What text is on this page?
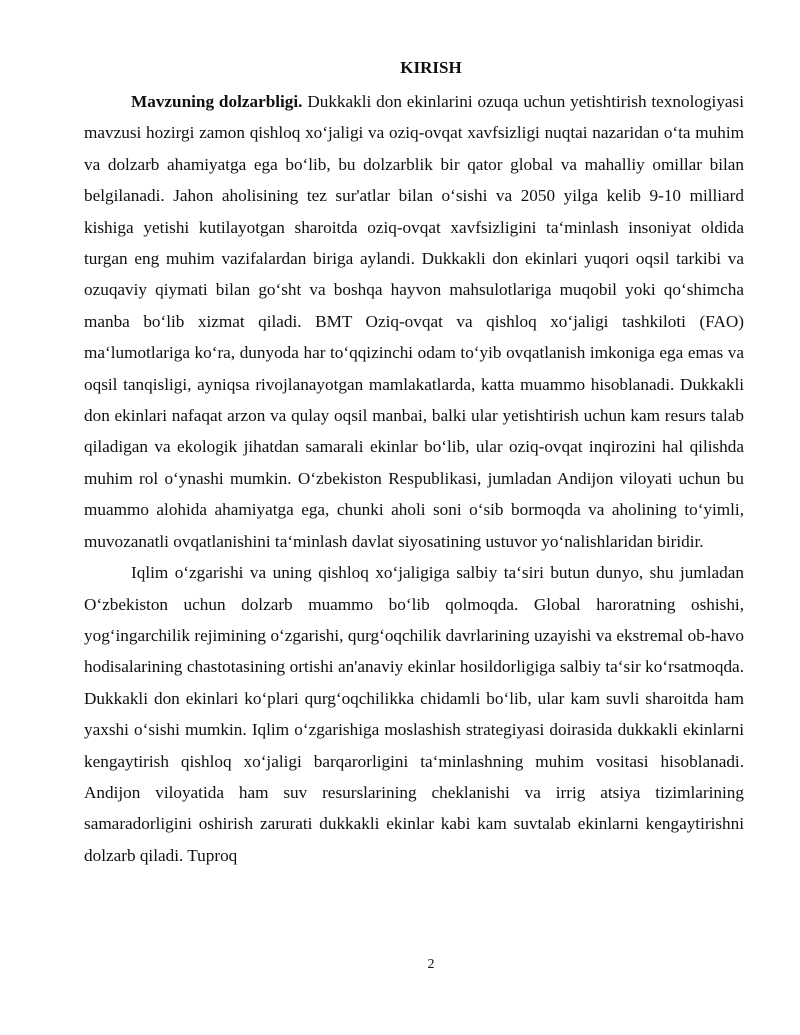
KIRISH

Mavzuning dolzarbligi. Dukkakli don ekinlarini ozuqa uchun yetishtirish texnologiyasi mavzusi hozirgi zamon qishloq xo‘jaligi va oziq-ovqat xavfsizligi nuqtai nazaridan o‘ta muhim va dolzarb ahamiyatga ega bo‘lib, bu dolzarblik bir qator global va mahalliy omillar bilan belgilanadi. Jahon aholisining tez sur'atlar bilan o‘sishi va 2050 yilga kelib 9-10 milliard kishiga yetishi kutilayotgan sharoitda oziq-ovqat xavfsizligini ta‘minlash insoniyat oldida turgan eng muhim vazifalardan biriga aylandi. Dukkakli don ekinlari yuqori oqsil tarkibi va ozuqaviy qiymati bilan go‘sht va boshqa hayvon mahsulotlariga muqobil yoki qo‘shimcha manba bo‘lib xizmat qiladi. BMT Oziq-ovqat va qishloq xo‘jaligi tashkiloti (FAO) ma‘lumotlariga ko‘ra, dunyoda har to‘qqizinchi odam to‘yib ovqatlanish imkoniga ega emas va oqsil tanqisligi, ayniqsa rivojlanayotgan mamlakatlarda, katta muammo hisoblanadi. Dukkakli don ekinlari nafaqat arzon va qulay oqsil manbai, balki ular yetishtirish uchun kam resurs talab qiladigan va ekologik jihatdan samarali ekinlar bo‘lib, ular oziq-ovqat inqirozini hal qilishda muhim rol o‘ynashi mumkin. O‘zbekiston Respublikasi, jumladan Andijon viloyati uchun bu muammo alohida ahamiyatga ega, chunki aholi soni o‘sib bormoqda va aholining to‘yimli, muvozanatli ovqatlanishini ta‘minlash davlat siyosatining ustuvor yo‘nalishlaridan biridir.

Iqlim o‘zgarishi va uning qishloq xo‘jaligiga salbiy ta‘siri butun dunyo, shu jumladan O‘zbekiston uchun dolzarb muammo bo‘lib qolmoqda. Global haroratning oshishi, yog‘ingarchilik rejimining o‘zgarishi, qurg‘oqchilik davrlarining uzayishi va ekstremal ob-havo hodisalarining chastotasining ortishi an'anaviy ekinlar hosildorligiga salbiy ta‘sir ko‘rsatmoqda. Dukkakli don ekinlari ko‘plari qurg‘oqchilikka chidamli bo‘lib, ular kam suvli sharoitda ham yaxshi o‘sishi mumkin. Iqlim o‘zgarishiga moslashish strategiyasi doirasida dukkakli ekinlarni kengaytirish qishloq xo‘jaligi barqarorligini ta‘minlashning muhim vositasi hisoblanadi. Andijon viloyatida ham suv resurslarining cheklanishi va irrig atsiya tizimlarining samaradorligini oshirish zarurati dukkakli ekinlar kabi kam suvtalab ekinlarni kengaytirishni dolzarb qiladi. Tuproq

2
